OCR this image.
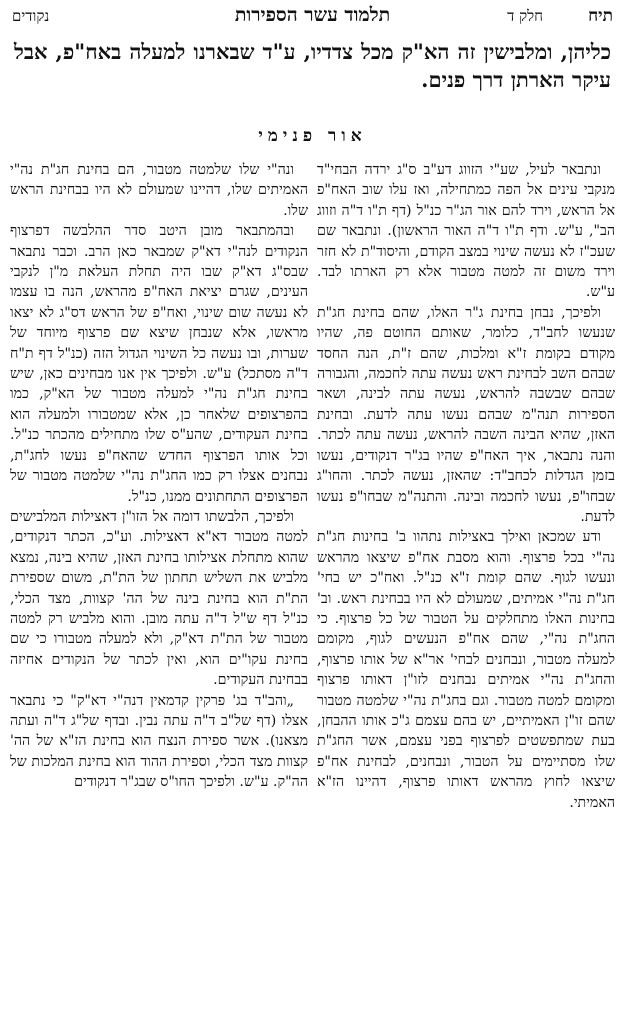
תיח
חלק ד
תלמוד עשר הספירות
נקודים
כליהן, ומלבישין זה הא"ק מכל צדדיו, ע"ד שבארנו למעלה באח"פ, אבל עיקר הארתן דרך פנים.
אור פנימי

ונתבאר לעיל, שע"י הזווג דע"ב ס"ג ירדה הבחי"ד מנקבי עינים אל הפה כמתחילה, ואז עלו שוב האח"פ אל הראש, וירד להם אור הג"ר כנ"ל (דף ת"ו ד"ה וזווג הב", ע"ש. ודף ת"ו ד"ה האור הראשון). ונתבאר שם שעכ"ז לא נעשה שינוי במצב הקודם, והיסוד"ת לא חזר וירד משום זה למטה מטבור אלא רק הארתו לבד. ע"ש.

ולפיכך, נבחן בחינת ג"ר האלו, שהם בחינת חג"ת שנעשו לחב"ד, כלומר, שאותם החוטם פה, שהיו מקודם בקומת ז"א ומלכות, שהם ז"ת, הנה החסד שבהם השב לבחינת ראש נעשה עתה לחכמה, והגבורה שבהם שבשבה להראש, נעשה עתה לבינה, ושאר הספירות תנה"מ שבהם נעשו עתה לדעת. ובחינת האזן, שהיא הבינה השבה להראש, נעשה עתה לכתר. והנה נתבאר, איך האח"פ שהיו בג"ר דנקודים, נעשו בזמן הגדלות לכחב"ד: שהאזן, נעשה לכתר. והחו"ג שבחו"פ, נעשו לחכמה ובינה. והתנה"מ שבחו"פ נעשו לדעת.

ודע שמכאן ואילך באצילות נתהוו ב' בחינות חג"ת נה"י בכל פרצוף. והוא מסבת אח"פ שיצאו מהראש ונעשו לגוף. שהם קומת ז"א כנ"ל. ואח"כ יש בחי' חג"ת נה"י אמיתים, שמעולם לא היו בבחינת ראש. וב' בחינות האלו מתחלקים על הטבור של כל פרצוף. כי החג"ת נה"י, שהם אח"פ הנעשים לגוף, מקומם למעלה מטבור, ונבחנים לבחי' אר"א של אותו פרצוף, והחג"ת נה"י אמיתים נבחנים לזו"ן דאותו פרצוף ומקומם למטה מטבור. וגם בחג"ת נה"י שלמטה מטבור שהם זו"ן האמיתיים, יש בהם עצמם ג"כ אותו ההבחן, בעת שמתפשטים לפרצוף בפני עצמם, אשר החג"ת שלו מסתיימים על הטבור, ונבחנים, לבחינת אח"פ שיצאו לחוץ מהראש דאותו פרצוף, דהיינו הז"א האמיתי.

ונה"י שלו שלמטה מטבור, הם בחינת חג"ת נה"י האמיתים שלו, דהיינו שמעולם לא היו בבחינת הראש שלו.

ובהמתבאר מובן היטב סדר ההלבשה דפרצוף הנקודים לנה"י דא"ק שמבאר כאן הרב. וכבר נתבאר שבס"ג דא"ק שבו היה תחלת העלאת מ"ן לנקבי העינים, שגרם יציאת האח"פ מהראש, הנה בו עצמו לא נעשה שום שינוי, ואח"פ של הראש דס"ג לא יצאו מראשו, אלא שנבחן שיצא שם פרצוף מיוחד של שערות, ובו נעשה כל השינוי הגדול הזה (כנ"ל דף ת"ח ד"ה מסתכל) ע"ש. ולפיכך אין אנו מבחינים כאן, שיש בחינת חג"ת נה"י למעלה מטבור של הא"ק, כמו בהפרצופים שלאחר כן, אלא שמטבורו ולמעלה הוא בחינת העקודים, שהע"ס שלו מתחילים מהכתר כנ"ל. וכל אותו הפרצוף החדש שהאח"פ נעשו לחג"ת, נבחנים אצלו רק כמו החג"ת נה"י שלמטה מטבור של הפרצופים התחתונים ממנו, כנ"ל.

ולפיכך, הלבשתו דומה אל הזו"ן דאצילות המלבישים למטה מטבור דא"א דאצילות. וע"כ, הכתר דנקודים, שהוא מתחלת אצילותו בחינת האזן, שהיא בינה, נמצא מלביש את השליש תחתון של הת"ת, משום שספירת הת"ת הוא בחינת בינה של הה' קצוות, מצד הכלי, כנ"ל דף ש"ל ד"ה עתה מובן. והוא מלביש רק למטה מטבור של הת"ת דא"ק, ולא למעלה מטבורו כי שם בחינת עקו"ים הוא, ואין לכתר של הנקודים אחיזה בבחינת העקודים.

„והב"ד בג' פרקין קדמאין דנה"י דא"ק" כי נתבאר אצלו (דף של"ב ד"ה עתה נבין. ובדף של"ג ד"ה ועתה מצאנו). אשר ספירת הנצח הוא בחינת הז"א של הה' קצוות מצד הכלי, וספירת ההוד הוא בחינת המלכות של הה"ק. ע"ש. ולפיכך החו"ס שבג"ר דנקודים
